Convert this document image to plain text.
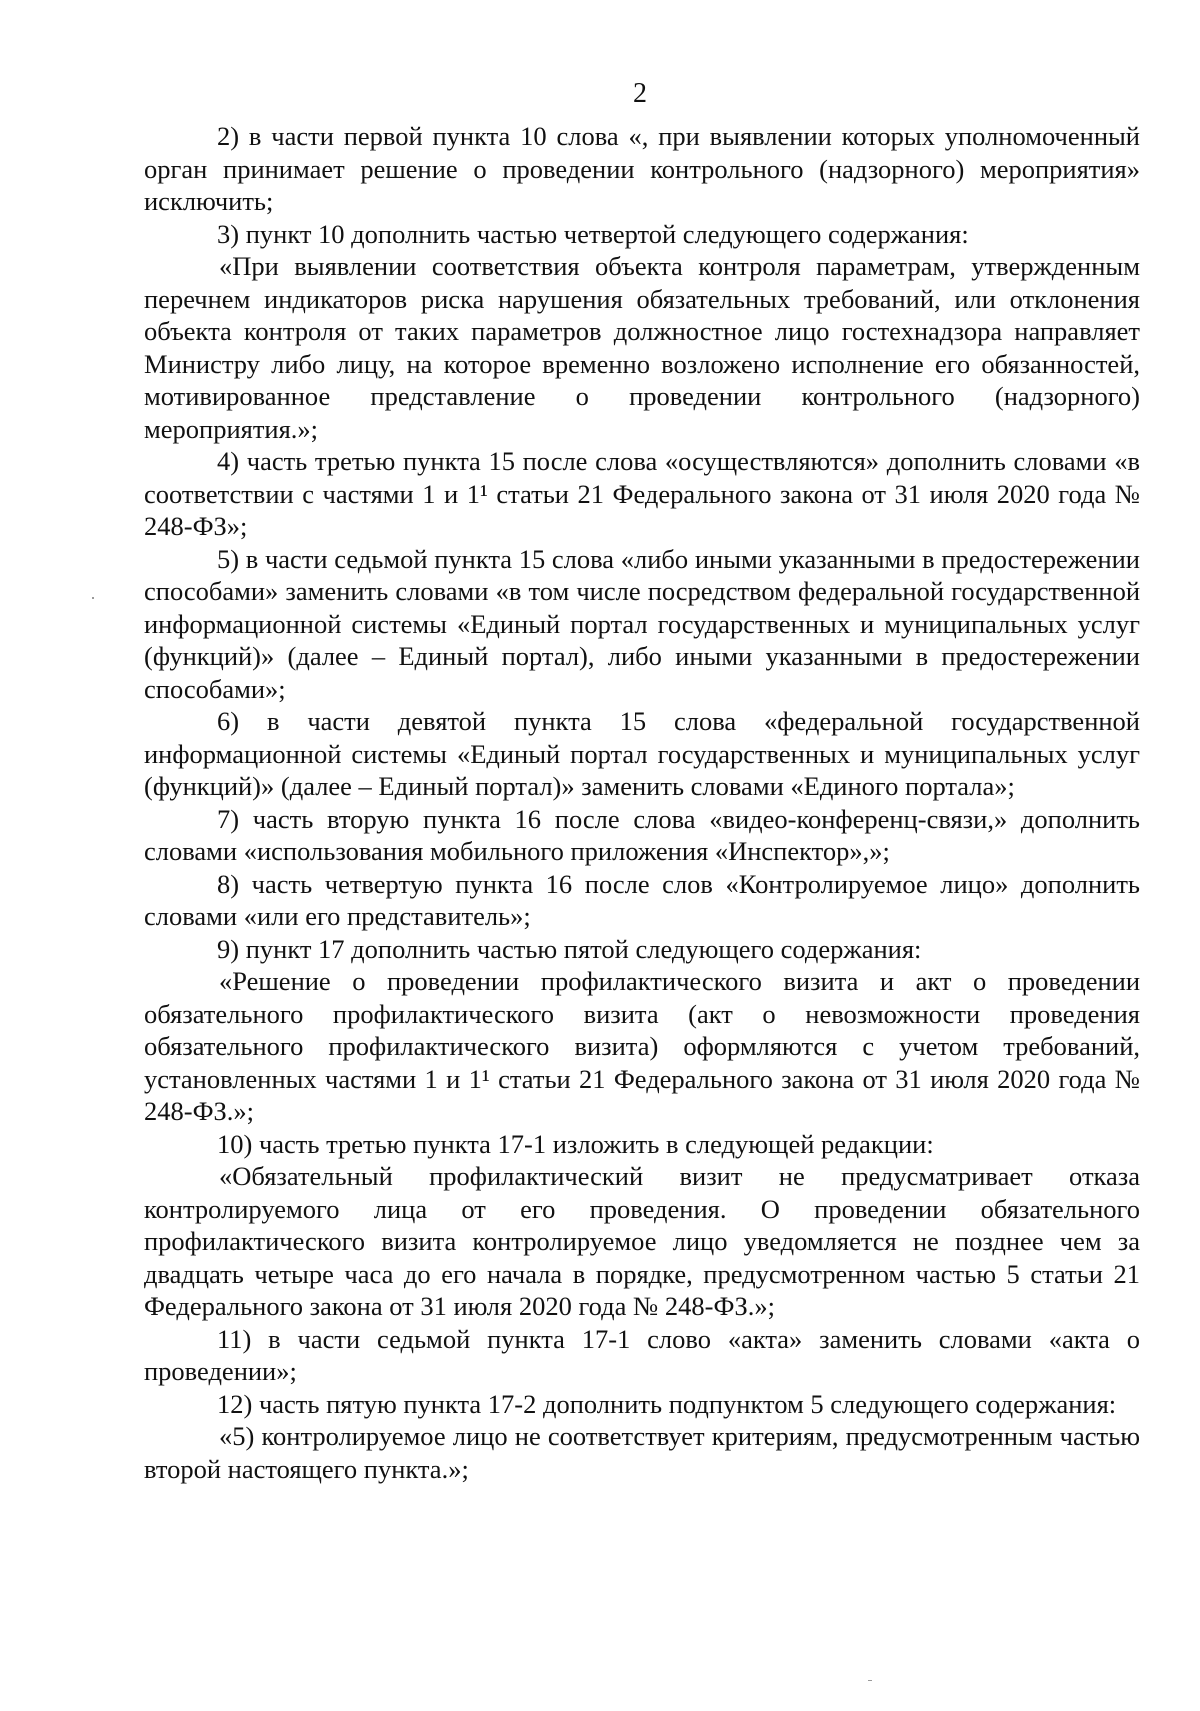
2

2) в части первой пункта 10 слова «, при выявлении которых уполномоченный орган принимает решение о проведении контрольного (надзорного) мероприятия» исключить;

3) пункт 10 дополнить частью четвертой следующего содержания:

«При выявлении соответствия объекта контроля параметрам, утвержденным перечнем индикаторов риска нарушения обязательных требований, или отклонения объекта контроля от таких параметров должностное лицо гостехнадзора направляет Министру либо лицу, на которое временно возложено исполнение его обязанностей, мотивированное представление о проведении контрольного (надзорного) мероприятия.»;

4) часть третью пункта 15 после слова «осуществляются» дополнить словами «в соответствии с частями 1 и 1¹ статьи 21 Федерального закона от 31 июля 2020 года № 248-ФЗ»;

5) в части седьмой пункта 15 слова «либо иными указанными в предостережении способами» заменить словами «в том числе посредством федеральной государственной информационной системы «Единый портал государственных и муниципальных услуг (функций)» (далее – Единый портал), либо иными указанными в предостережении способами»;

6) в части девятой пункта 15 слова «федеральной государственной информационной системы «Единый портал государственных и муниципальных услуг (функций)» (далее – Единый портал)» заменить словами «Единого портала»;

7) часть вторую пункта 16 после слова «видео-конференц-связи,» дополнить словами «использования мобильного приложения «Инспектор»,»;

8) часть четвертую пункта 16 после слов «Контролируемое лицо» дополнить словами «или его представитель»;

9) пункт 17 дополнить частью пятой следующего содержания:

«Решение о проведении профилактического визита и акт о проведении обязательного профилактического визита (акт о невозможности проведения обязательного профилактического визита) оформляются с учетом требований, установленных частями 1 и 1¹ статьи 21 Федерального закона от 31 июля 2020 года № 248-ФЗ.»;

10) часть третью пункта 17-1 изложить в следующей редакции:

«Обязательный профилактический визит не предусматривает отказа контролируемого лица от его проведения. О проведении обязательного профилактического визита контролируемое лицо уведомляется не позднее чем за двадцать четыре часа до его начала в порядке, предусмотренном частью 5 статьи 21 Федерального закона от 31 июля 2020 года № 248-ФЗ.»;

11) в части седьмой пункта 17-1 слово «акта» заменить словами «акта о проведении»;

12) часть пятую пункта 17-2 дополнить подпунктом 5 следующего содержания:

«5) контролируемое лицо не соответствует критериям, предусмотренным частью второй настоящего пункта.»;
